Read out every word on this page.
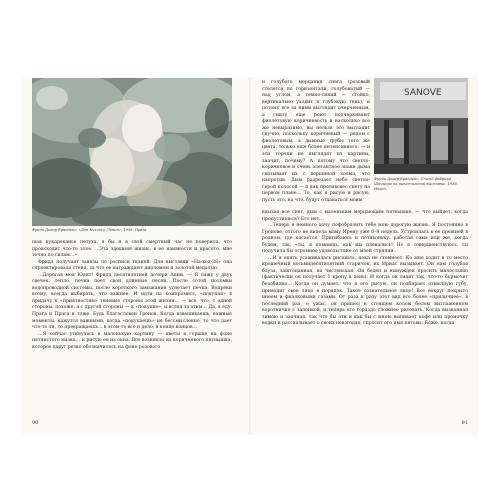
Фрида Дикер-Брандейс. «Дон Кихот и Ленин». 1938. Прага.

шая кукареканье петуха, я бы и в свой смертный час не поверила, что происходит что-то злое. …Эта здешняя жизнь, в ее наивности и красоте, мне точно по силам…»

Фридл получает заказы по росписи тканей. Для выставки «На-ход-38» она спроектировала стенд, за что ее награждают дипломом и золотой медалью.

…Дорогая моя Юдит! Фридл десятилетней дочери Анни. — Я сижу у двух свечек, тепло, печка поет свои длинные песни. После сотой поломки водопроводной системы, после короткого замыкания угнетает печка. Вопреки всему, всегда выбирать, что важнее. И идти на компромисс, «покупая» в придачу к «приятностям» теневые стороны этой жизни… — все, что, с одной стороны, похоже, а с другой стороны — к «покупке», и вслед за этим… Да, я еду. Прага и Прага и тоже. Будь благословен Гронов. Когда взвешиваешь, важные моменты, кажутся важными, когда «покупаешь» не бессмысленно, то что дает что-то ли, то превращаешь… в этом-то все и дело, в конце концов…

…Я сейчас уткнулась в маленькую картину — цветы в горшке на фоне пятнистого мазка… и рисую ее из окна. Все возникло из коричневого пятнышка, которое вдруг резко обозначилось на фоне розового

90

и голубого мерцания снега (розовый стелется по горизонтали, голубоватый — над углом, а темно-синий — стойко, вертикально уходит в глубокую тень), и потому все за ними выглядит очерченным, а снизу еще роют подчеркивают фиолетовую коричневость и насколько все же невыразимо, вы нельзя это выгладит скучно, поскольку коричневый — рядом с фиолетовым, а дымные трубы того же цвета, только еще более интенсивного, — и эти торчки не выглядят из картины, значит, почему? А потому что светло-коричневое и очень элегантное знаки дыма связывает их с вершиной холма, что напротив. Дым разрезает небо светло-серой полосой — и как противовес снегу на первом плане… То, как я рисую и рисую, пусть это, на что, будут отдаваться моим

SANOVE
Фрида Дикер-Брандейс. Стенд фабрики Шпицера на текстильной выставке. 1938. Наход.

вдыхая все снег, дым с маленьким мерцающим пятнышке, — что выйдет, когда пропустишься? Его нет…

…Теперь в немного хочу пофобразить тебе мою дорогую жизнь. Я постоянно в Гронове, оттого не видела маму Ирену уже 6–8 недель. Устроилась в ее прежней в родном, где касается. Пригибаюсь и потихоньку, работая сама или же, когда будем, так, «ты, я помнишь, как мы плевались! Но я совершенствуюсь, ты получила бы огромное удовольствие от моей стряпни.

…И я опять усаживалась рисовать, пока не стемнеет. Ко мне ходит в то место крошечный восьмидесятилетний старичок, их Ириас вызывает. Он нам голубая блуза, заштопанная, на чистенькая. Он беден и вынужден просить милостыню (фактически он получает 1 крону в день). И когда он сидит так, что-то бормочет безобидно… Когда он думает, что я его рисую, он подбирает отвисшую губу, приводит свое лицо в порядок. Такое сознательное лицо! Все вокруг покрыто инеем и фиалковыми газами. От раза к разу этот вид все более «приличнее», в последний раз, о ужас, он пришел в стоящем колом белом выглаженном воротничке с запонкой, и теперь его гораздо сложнее рисовать. Когда вызванная зимою и заочная, так что бы эти и как бы с мною выпивает кофе или промочку водки и рассказывает о своих невзгодах, спросит его имя пятьвы. Боже, когда

91
